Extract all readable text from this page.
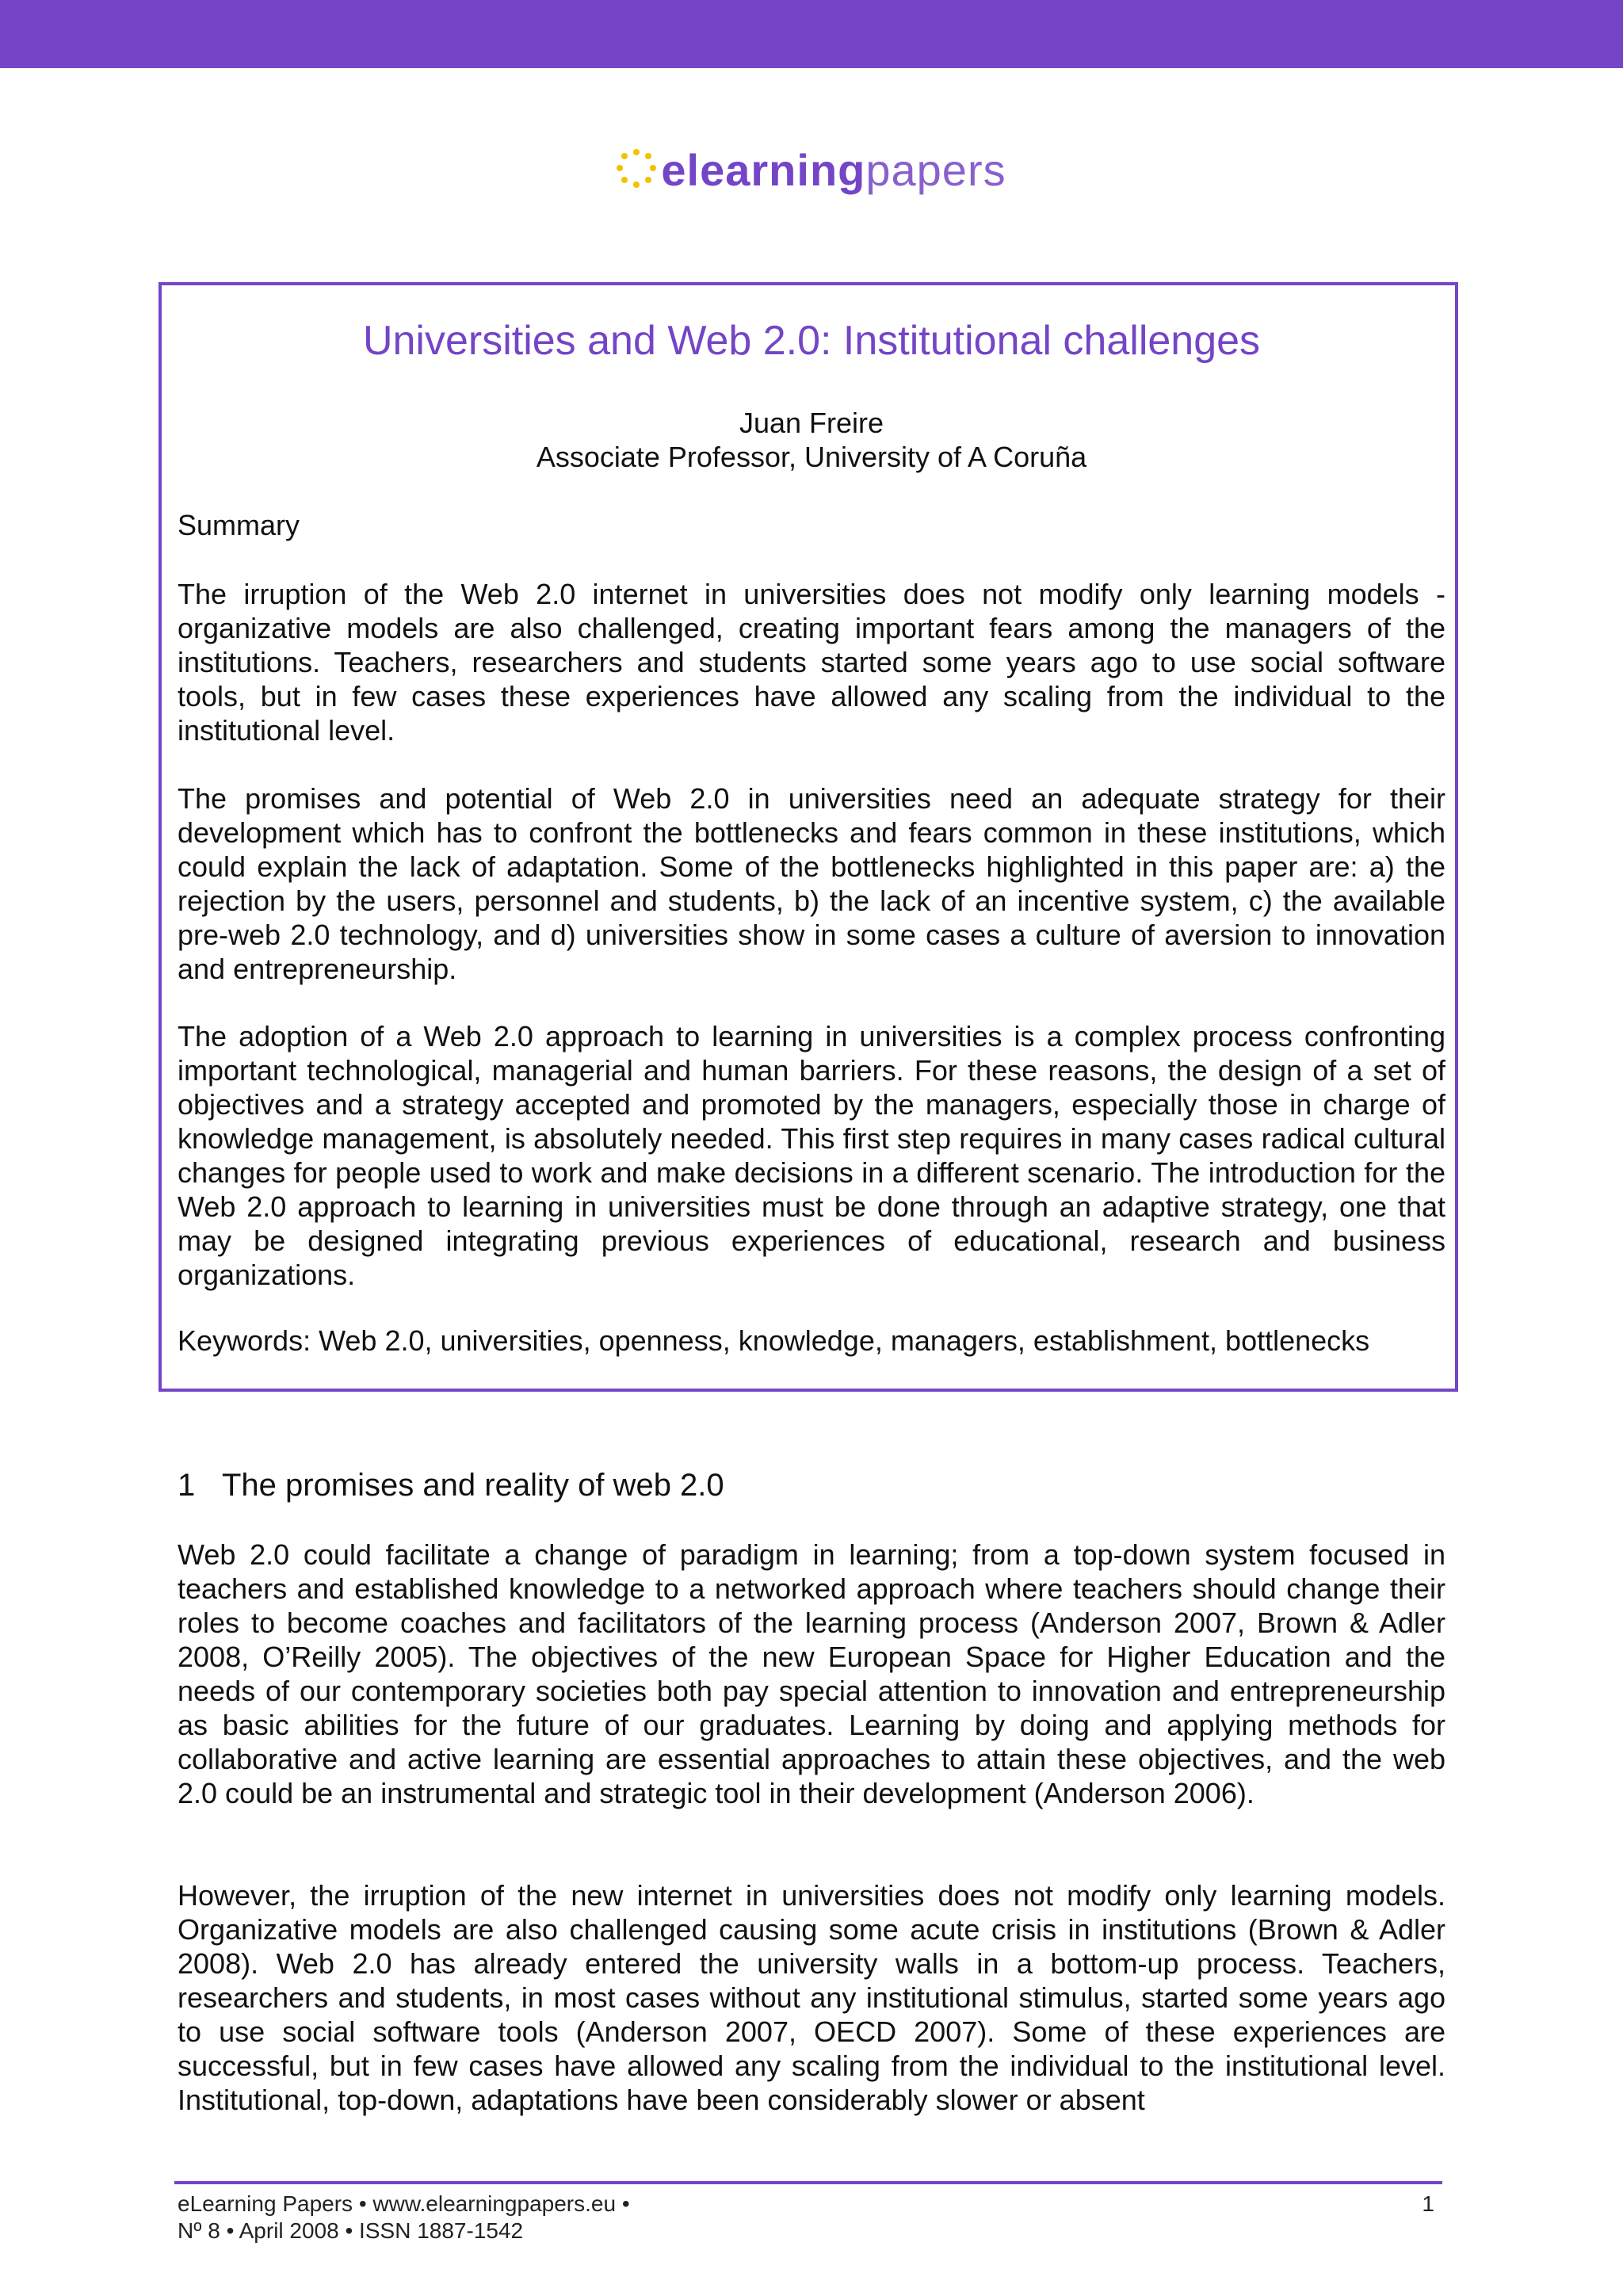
elearningpapers
Universities and Web 2.0: Institutional challenges
Juan Freire
Associate Professor, University of A Coruña
Summary

The irruption of the Web 2.0 internet in universities does not modify only learning models - organizative models are also challenged, creating important fears among the managers of the institutions. Teachers, researchers and students started some years ago to use social software tools, but in few cases these experiences have allowed any scaling from the individual to the institutional level.

The promises and potential of Web 2.0 in universities need an adequate strategy for their development which has to confront the bottlenecks and fears common in these institutions, which could explain the lack of adaptation. Some of the bottlenecks highlighted in this paper are: a) the rejection by the users, personnel and students, b) the lack of an incentive system, c) the available pre-web 2.0 technology, and d) universities show in some cases a culture of aversion to innovation and entrepreneurship.

The adoption of a Web 2.0 approach to learning in universities is a complex process confronting important technological, managerial and human barriers. For these reasons, the design of a set of objectives and a strategy accepted and promoted by the managers, especially those in charge of knowledge management, is absolutely needed. This first step requires in many cases radical cultural changes for people used to work and make decisions in a different scenario. The introduction for the Web 2.0 approach to learning in universities must be done through an adaptive strategy, one that may be designed integrating previous experiences of educational, research and business organizations.

Keywords: Web 2.0, universities, openness, knowledge, managers, establishment, bottlenecks

1 The promises and reality of web 2.0

Web 2.0 could facilitate a change of paradigm in learning; from a top-down system focused in teachers and established knowledge to a networked approach where teachers should change their roles to become coaches and facilitators of the learning process (Anderson 2007, Brown & Adler 2008, O’Reilly 2005). The objectives of the new European Space for Higher Education and the needs of our contemporary societies both pay special attention to innovation and entrepreneurship as basic abilities for the future of our graduates. Learning by doing and applying methods for collaborative and active learning are essential approaches to attain these objectives, and the web 2.0 could be an instrumental and strategic tool in their development (Anderson 2006).

However, the irruption of the new internet in universities does not modify only learning models. Organizative models are also challenged causing some acute crisis in institutions (Brown & Adler 2008). Web 2.0 has already entered the university walls in a bottom-up process. Teachers, researchers and students, in most cases without any institutional stimulus, started some years ago to use social software tools (Anderson 2007, OECD 2007). Some of these experiences are successful, but in few cases have allowed any scaling from the individual to the institutional level. Institutional, top-down, adaptations have been considerably slower or absent

eLearning Papers • www.elearningpapers.eu •
Nº 8 • April 2008 • ISSN 1887-1542
1
